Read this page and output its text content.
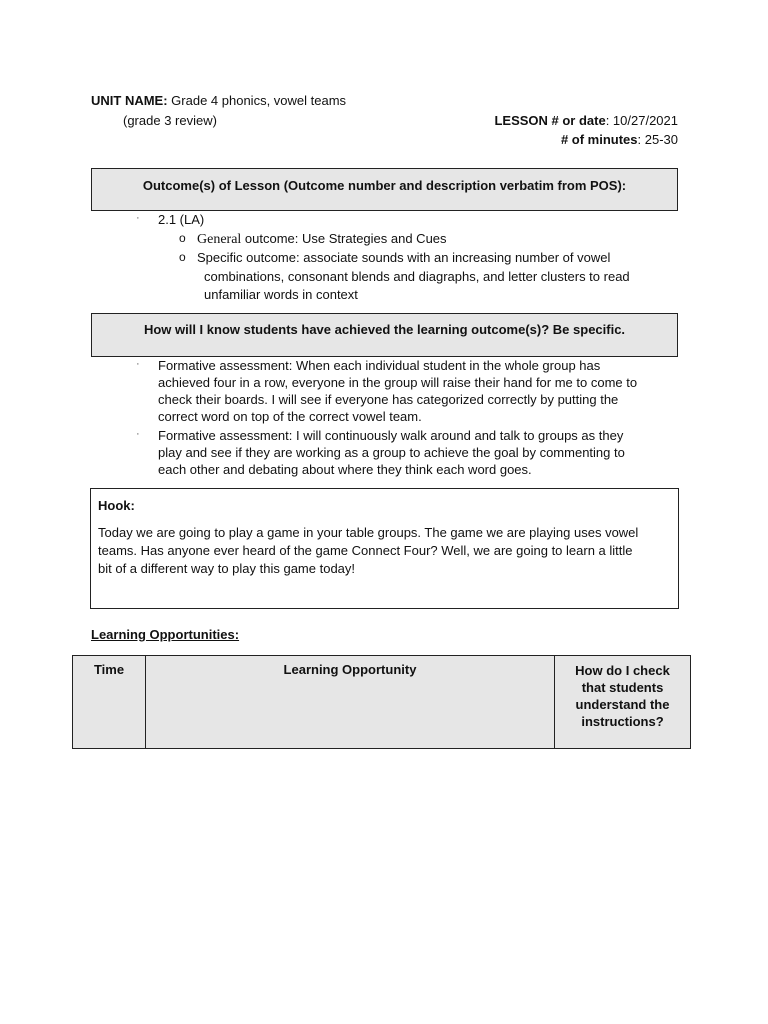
UNIT NAME: Grade 4 phonics, vowel teams
(grade 3 review)	LESSON # or date: 10/27/2021
# of minutes: 25-30
Outcome(s) of Lesson (Outcome number and description verbatim from POS):
· 2.1 (LA)
o General outcome: Use Strategies and Cues
o Specific outcome: associate sounds with an increasing number of vowel
combinations, consonant blends and diagraphs, and letter clusters to read
unfamiliar words in context
How will I know students have achieved the learning outcome(s)? Be specific.
· Formative assessment: When each individual student in the whole group has
achieved four in a row, everyone in the group will raise their hand for me to come to
check their boards. I will see if everyone has categorized correctly by putting the
correct word on top of the correct vowel team.
· Formative assessment: I will continuously walk around and talk to groups as they
play and see if they are working as a group to achieve the goal by commenting to
each other and debating about where they think each word goes.
Hook:
Today we are going to play a game in your table groups. The game we are playing uses vowel
teams. Has anyone ever heard of the game Connect Four? Well, we are going to learn a little
bit of a different way to play this game today!
Learning Opportunities:
Time	Learning Opportunity	How do I check
that students
understand the
instructions?
